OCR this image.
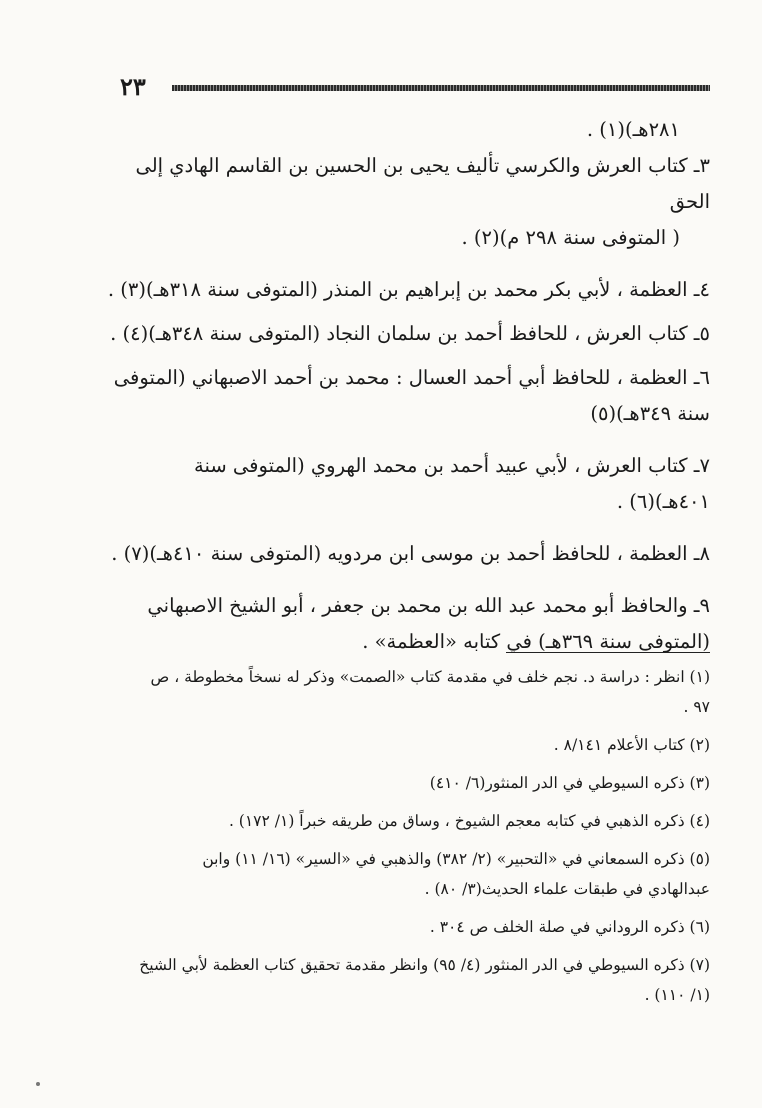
٢٣

٢٨١هـ)(١) .

٣ـ كتاب العرش والكرسي تأليف يحيى بن الحسين بن القاسم الهادي إلى الحق

( المتوفى سنة ٢٩٨ م)(٢) .

٤ـ العظمة ، لأبي بكر محمد بن إبراهيم بن المنذر (المتوفى سنة ٣١٨هـ)(٣) .

٥ـ كتاب العرش ، للحافظ أحمد بن سلمان النجاد (المتوفى سنة ٣٤٨هـ)(٤) .

٦ـ العظمة ، للحافظ أبي أحمد العسال : محمد بن أحمد الاصبهاني (المتوفى

سنة ٣٤٩هـ)(٥)

٧ـ كتاب العرش ، لأبي عبيد أحمد بن محمد الهروي (المتوفى سنة

٤٠١هـ)(٦) .

٨ـ العظمة ، للحافظ أحمد بن موسى ابن مردويه (المتوفى سنة ٤١٠هـ)(٧) .

٩ـ والحافظ أبو محمد عبد الله بن محمد بن جعفر ، أبو الشيخ الاصبهاني

(المتوفى سنة ٣٦٩هـ) في كتابه «العظمة» .

(١) انظر : دراسة د. نجم خلف في مقدمة كتاب «الصمت» وذكر له نسخاً مخطوطة ، ص

٩٧ .

(٢) كتاب الأعلام ٨/١٤١ .

(٣) ذكره السيوطي في الدر المنثور(٦/ ٤١٠)

(٤) ذكره الذهبي في كتابه معجم الشيوخ ، وساق من طريقه خبراً (١/ ١٧٢) .

(٥) ذكره السمعاني في «التحبير» (٢/ ٣٨٢) والذهبي في «السير» (١٦/ ١١) وابن

عبدالهادي في طبقات علماء الحديث(٣/ ٨٠) .

(٦) ذكره الروداني في صلة الخلف ص ٣٠٤ .

(٧) ذكره السيوطي في الدر المنثور (٤/ ٩٥) وانظر مقدمة تحقيق كتاب العظمة لأبي الشيخ

(١/ ١١٠) .
